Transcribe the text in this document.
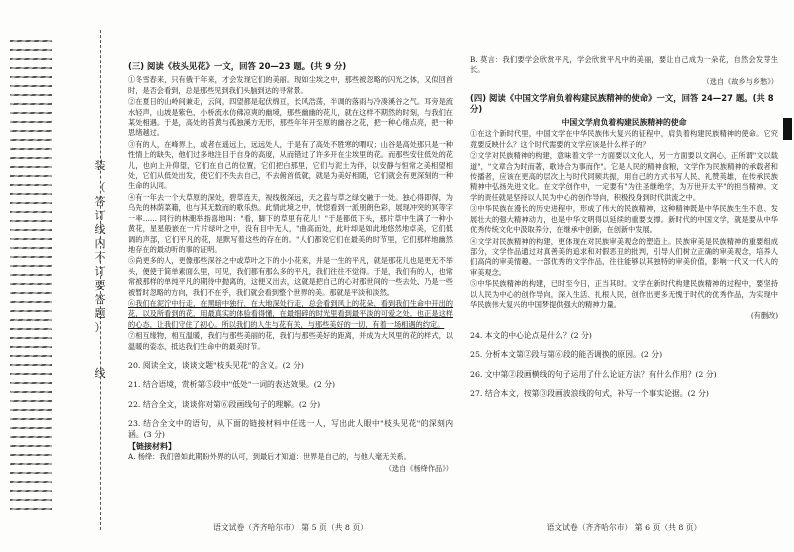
装
（
答
订
线
内
不
订
要
答
题
）
线
(三) 阅读《枝头见花》一文，回答 20—23 题。(共 9 分)

①冬雪春来，只有俄干年来，才会发现它们的美丽。现如尘埃之中，那些被忽略的闪光之体，又似回首时，是否会看到，总是那些见到我们头脑到达的寻常景。

②在夏日的山岭间兼走，云间，四望都是起伏绵亘，长风浩荡，半调的落雨与冷凑溪谷之气。耳旁是流水轻声，山坡是紫色，小桥流水仿佛凉爽的幽境，那些幽幽的花儿，就在这样不期然的时刻，与我们在某处相遇。于是，高处的苔黄与孤独溪方无形，那些年年开至原的幽谷之花，把一种心绪点亮，把一种思绪越过。

③有的人，在峰界上，或者在遥远上，远远处人，于是有了高处不胜寒的喟叹；山谷是高处那只是一种性情上的缺失，他们过多地注目于自身的高度，从而错过了许多开在尘埃里的花。而那些安住低处的花儿，也向上升仰望，它们在自己的位置，它们把白那里，它们与泥土为伴，以安静与恒常之美相望相处，它们从低处出发，使它们不失去自己，不去俯首低就，就是为美好相随，它们就会有更深刻的一种生命的认同。

④有一年去一个大草原的深处，碧草连天，视线极深远，天之蓝与草之绿交融于一处。独心得即得，为乌先的林荫菜籍，也与其无数而的歌乐热。此情此境之中，恍惚看到一派朋朗色彩，展现冲突的冥等字一率…… 同行的林潮举指喜地叫："看，脚下的草里有花儿！"于是都低下头，那片草中生满了一种小黄花，星星般嵌在一片片绿叶之中，没有目中无人，"曲高而处，此叶却是如此地悠然地卓美，它们低调的声部，它们平凡的花，是默写着这些的存在的。"人们都说它们在最美的时节里，它们那样地幽然地存在的最动听的事的证明。

⑤尚更多的人，更像那些深谷之中或草叶之下的小小花来，并是一生的平凡，就是那花儿也是更无不举头，便使于简单素面么里，可见，我们都有那么多的平凡，我们往往不觉得。于是，我们有的人，也常常被那样的单纯平凡的期待中抛离的，这便又出去，这就是把自己的心对那世间的一些去处、乃是一些被暂时忽略的方向，我们不在乎，我们就会看到整个世界的美。那就是平淡和淡然。

⑥我们在泥泞中行走，在黑暗中独行，在大地深处行走，总会看到风上的花朵，看到我们生命中开出的花，以及所看到的花，用最真实的体验看得懂，在最细碎的时光里看到最平淡的可爱之处，也正是这样的心态，让我们守住了初心。所以我们的人生与花有关，与那些美好的一切，有着一场相遇的约定。

⑦相互缘物，相互温暖，我们与那些美丽的花，我们与那些美好的距离，并成为大风里的花的样式，以温暖的姿态，抵达我们生命中的最美时节。

20. 阅读全文，谈谈文题"枝头见花"的含义。(2 分)

21. 结合语境，赏析第⑤段中"低处"一词的表达效果。(2 分)

22. 结合全文，谈谈你对第⑥段画线句子的理解。(2 分)

23. 结合全文中的语句，从下面的链接材料中任选一人，写出此人眼中"枝头见花"的深刻内涵。(3 分)

【链接材料】

A. 杨绛：我们曾如此期盼外界的认可，到最后才知道：世界是自己的，与他人毫无关系。

（选自《杨绛作品》）

B. 莫言：我们要学会欣赏平凡，学会欣赏平凡中的美丽，要让自己成为一朵花，自然会发芽生长。

（选自《故乡与乡愁》）

(四) 阅读《中国文学肩负着构建民族精神的使命》一文，回答 24—27 题。(共 8 分)
中国文学肩负着构建民族精神的使命

①在这个新时代里，中国文学在中华民族伟大复兴的征程中，肩负着构建民族精神的使命。它究竟要反映什么？这个时代需要的文学应该是什么样子的？

②文学对民族精神的构建，意味着文学一方面要以文化人，另一方面要以文润心，正所谓"文以载道"，"文章合为时而著，歌诗合为事而作"。它是人民的精神食粮，文学作为民族精神的承载者和传播者，应该在更高的层次上与时代同频共振，用自己的方式书写人民、礼赞英雄，在传承民族精神中弘扬先进文化。在文学创作中，一定要有"为往圣继绝学，为万世开太平"的担当精神。文学的责任就是坚持以人民为中心的创作导向，积极投身到时代洪流之中。

③中华民族在漫长的历史进程中，形成了伟大的民族精神，这种精神既是中华民族生生不息、发展壮大的强大精神动力，也是中华文明得以延续的重要支撑。新时代的中国文学，就是要从中华优秀传统文化中汲取养分，在继承中创新，在创新中发展。

④文学对民族精神的构建，更体现在对民族审美观念的塑造上。民族审美是民族精神的重要组成部分，文学作品通过对真善美的追求和对假恶丑的批判，引导人们树立正确的审美观念，培养人们高尚的审美情趣。一部优秀的文学作品，往往能够以其独特的审美价值，影响一代又一代人的审美观念。

⑤中华民族精神的构建，已时至今日，正当其时。文学在新时代构建民族精神的过程中，要坚持以人民为中心的创作导向，深入生活、扎根人民，创作出更多无愧于时代的优秀作品，为实现中华民族伟大复兴的中国梦提供强大的精神力量。

(有删改)

24. 本文的中心论点是什么？(2 分)

25. 分析本文第②段与第⑥段的能否调换的原因。(2 分)

26. 文中第②段画横线的句子运用了什么论证方法？有什么作用？(2 分)

27. 结合本文，按第③段画波浪线的句式，补写一个事实论据。(2 分)

语文试卷（齐齐哈尔市） 第 5 页（共 8 页）	语文试卷（齐齐哈尔市） 第 6 页（共 8 页）
